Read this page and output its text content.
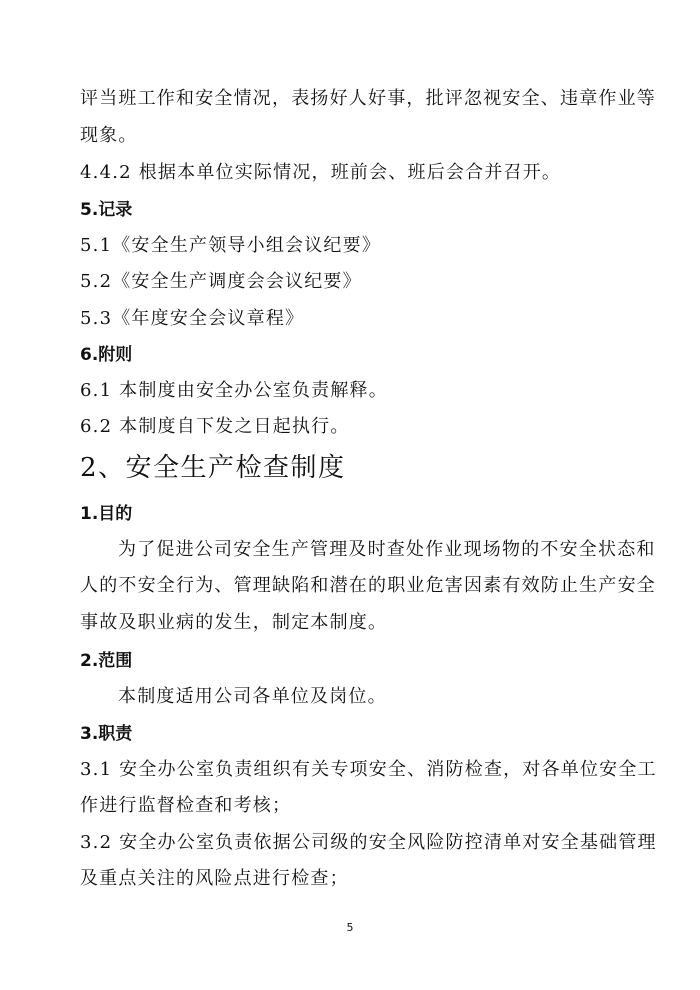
评当班工作和安全情况，表扬好人好事，批评忽视安全、违章作业等
现象。
4.4.2 根据本单位实际情况，班前会、班后会合并召开。
5.记录
5.1《安全生产领导小组会议纪要》
5.2《安全生产调度会会议纪要》
5.3《年度安全会议章程》
6.附则
6.1 本制度由安全办公室负责解释。
6.2 本制度自下发之日起执行。
2、安全生产检查制度
1.目的
为了促进公司安全生产管理及时查处作业现场物的不安全状态和
人的不安全行为、管理缺陷和潜在的职业危害因素有效防止生产安全
事故及职业病的发生，制定本制度。
2.范围
本制度适用公司各单位及岗位。
3.职责
3.1 安全办公室负责组织有关专项安全、消防检查，对各单位安全工
作进行监督检查和考核；
3.2 安全办公室负责依据公司级的安全风险防控清单对安全基础管理
及重点关注的风险点进行检查；
5
